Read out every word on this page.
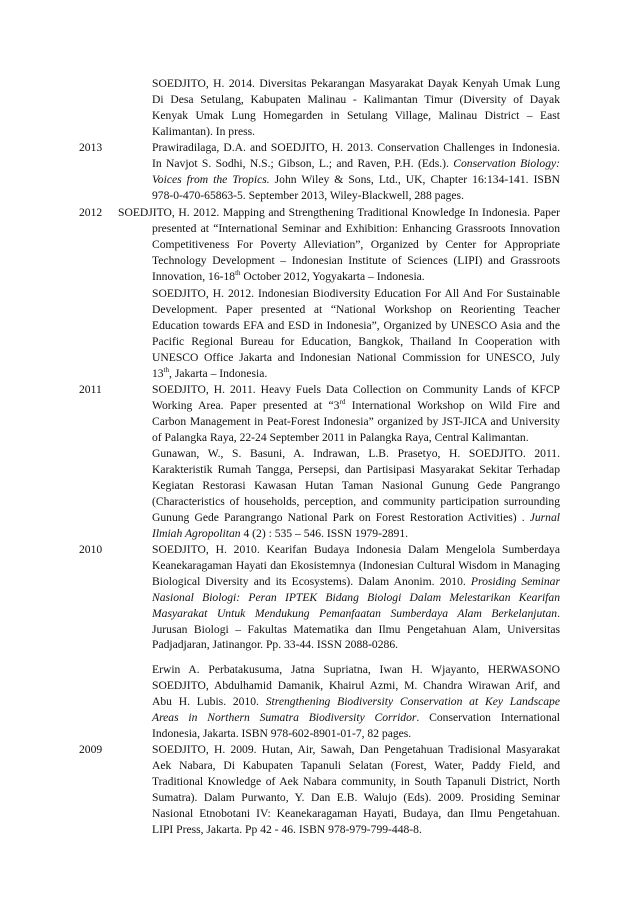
SOEDJITO, H. 2014. Diversitas Pekarangan Masyarakat Dayak Kenyah Umak Lung
Di Desa Setulang, Kabupaten Malinau - Kalimantan Timur (Diversity of Dayak
Kenyak Umak Lung Homegarden in Setulang Village, Malinau District – East
Kalimantan). In press.
2013	Prawiradilaga, D.A. and SOEDJITO, H. 2013. Conservation Challenges in Indonesia.
In Navjot S. Sodhi, N.S.; Gibson, L.; and Raven, P.H. (Eds.). Conservation Biology:
Voices from the Tropics. John Wiley & Sons, Ltd., UK, Chapter 16:134-141. ISBN
978-0-470-65863-5. September 2013, Wiley-Blackwell, 288 pages.
2012	SOEDJITO, H. 2012. Mapping and Strengthening Traditional Knowledge In Indonesia. Paper
presented at “International Seminar and Exhibition: Enhancing Grassroots Innovation
Competitiveness For Poverty Alleviation”, Organized by Center for Appropriate
Technology Development – Indonesian Institute of Sciences (LIPI) and Grassroots
Innovation, 16-18th October 2012, Yogyakarta – Indonesia.
SOEDJITO, H. 2012. Indonesian Biodiversity Education For All And For Sustainable
Development. Paper presented at “National Workshop on Reorienting Teacher
Education towards EFA and ESD in Indonesia”, Organized by UNESCO Asia and the
Pacific Regional Bureau for Education, Bangkok, Thailand In Cooperation with
UNESCO Office Jakarta and Indonesian National Commission for UNESCO, July
13th, Jakarta – Indonesia.
2011	SOEDJITO, H. 2011. Heavy Fuels Data Collection on Community Lands of KFCP
Working Area. Paper presented at “3rd International Workshop on Wild Fire and
Carbon Management in Peat-Forest Indonesia” organized by JST-JICA and University
of Palangka Raya, 22-24 September 2011 in Palangka Raya, Central Kalimantan.
Gunawan, W., S. Basuni, A. Indrawan, L.B. Prasetyo, H. SOEDJITO. 2011.
Karakteristik Rumah Tangga, Persepsi, dan Partisipasi Masyarakat Sekitar Terhadap
Kegiatan Restorasi Kawasan Hutan Taman Nasional Gunung Gede Pangrango
(Characteristics of households, perception, and community participation surrounding
Gunung Gede Parangrango National Park on Forest Restoration Activities) . Jurnal
Ilmiah Agropolitan 4 (2) : 535 – 546. ISSN 1979-2891.
2010	SOEDJITO, H. 2010. Kearifan Budaya Indonesia Dalam Mengelola Sumberdaya
Keanekaragaman Hayati dan Ekosistemnya (Indonesian Cultural Wisdom in Managing
Biological Diversity and its Ecosystems). Dalam Anonim. 2010. Prosiding Seminar
Nasional Biologi: Peran IPTEK Bidang Biologi Dalam Melestarikan Kearifan
Masyarakat Untuk Mendukung Pemanfaatan Sumberdaya Alam Berkelanjutan.
Jurusan Biologi – Fakultas Matematika dan Ilmu Pengetahuan Alam, Universitas
Padjadjaran, Jatinangor. Pp. 33-44. ISSN 2088-0286.
Erwin A. Perbatakusuma, Jatna Supriatna, Iwan H. Wjayanto, HERWASONO
SOEDJITO, Abdulhamid Damanik, Khairul Azmi, M. Chandra Wirawan Arif, and
Abu H. Lubis. 2010. Strengthening Biodiversity Conservation at Key Landscape
Areas in Northern Sumatra Biodiversity Corridor. Conservation International
Indonesia, Jakarta. ISBN 978-602-8901-01-7, 82 pages.
2009	SOEDJITO, H. 2009. Hutan, Air, Sawah, Dan Pengetahuan Tradisional Masyarakat
Aek Nabara, Di Kabupaten Tapanuli Selatan (Forest, Water, Paddy Field, and
Traditional Knowledge of Aek Nabara community, in South Tapanuli District, North
Sumatra). Dalam Purwanto, Y. Dan E.B. Walujo (Eds). 2009. Prosiding Seminar
Nasional Etnobotani IV: Keanekaragaman Hayati, Budaya, dan Ilmu Pengetahuan.
LIPI Press, Jakarta. Pp 42 - 46. ISBN 978-979-799-448-8.
